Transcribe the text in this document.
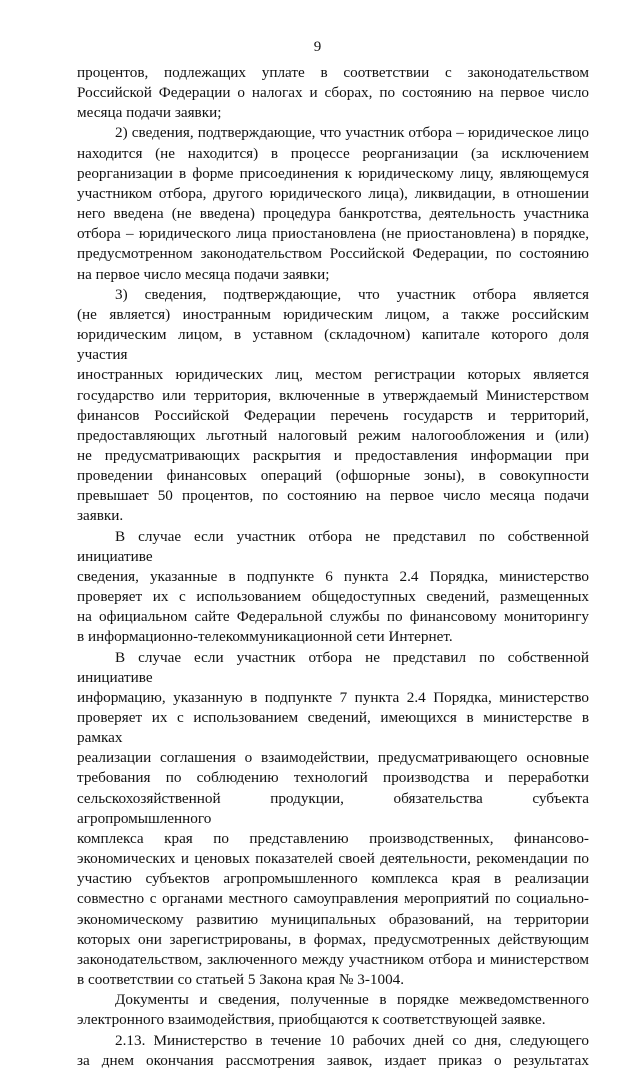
9

процентов, подлежащих уплате в соответствии с законодательством

Российской Федерации о налогах и сборах, по состоянию на первое число

месяца подачи заявки;

2) сведения, подтверждающие, что участник отбора – юридическое лицо

находится (не находится) в процессе реорганизации (за исключением

реорганизации в форме присоединения к юридическому лицу, являющемуся

участником отбора, другого юридического лица), ликвидации, в отношении

него введена (не введена) процедура банкротства, деятельность участника

отбора – юридического лица приостановлена (не приостановлена) в порядке,

предусмотренном законодательством Российской Федерации, по состоянию

на первое число месяца подачи заявки;

3) сведения, подтверждающие, что участник отбора является

(не является) иностранным юридическим лицом, а также российским

юридическим лицом, в уставном (складочном) капитале которого доля участия

иностранных юридических лиц, местом регистрации которых является

государство или территория, включенные в утверждаемый Министерством

финансов Российской Федерации перечень государств и территорий,

предоставляющих льготный налоговый режим налогообложения и (или)

не предусматривающих раскрытия и предоставления информации при

проведении финансовых операций (офшорные зоны), в совокупности

превышает 50 процентов, по состоянию на первое число месяца подачи заявки.

В случае если участник отбора не представил по собственной инициативе

сведения, указанные в подпункте 6 пункта 2.4 Порядка, министерство

проверяет их с использованием общедоступных сведений, размещенных

на официальном сайте Федеральной службы по финансовому мониторингу

в информационно-телекоммуникационной сети Интернет.

В случае если участник отбора не представил по собственной инициативе

информацию, указанную в подпункте 7 пункта 2.4 Порядка, министерство

проверяет их с использованием сведений, имеющихся в министерстве в рамках

реализации соглашения о взаимодействии, предусматривающего основные

требования по соблюдению технологий производства и переработки

сельскохозяйственной продукции, обязательства субъекта агропромышленного

комплекса края по представлению производственных, финансово-

экономических и ценовых показателей своей деятельности, рекомендации по

участию субъектов агропромышленного комплекса края в реализации

совместно с органами местного самоуправления мероприятий по социально-

экономическому развитию муниципальных образований, на территории

которых они зарегистрированы, в формах, предусмотренных действующим

законодательством, заключенного между участником отбора и министерством

в соответствии со статьей 5 Закона края № 3-1004.

Документы и сведения, полученные в порядке межведомственного

электронного взаимодействия, приобщаются к соответствующей заявке.

2.13. Министерство в течение 10 рабочих дней со дня, следующего

за днем окончания рассмотрения заявок, издает приказ о результатах
